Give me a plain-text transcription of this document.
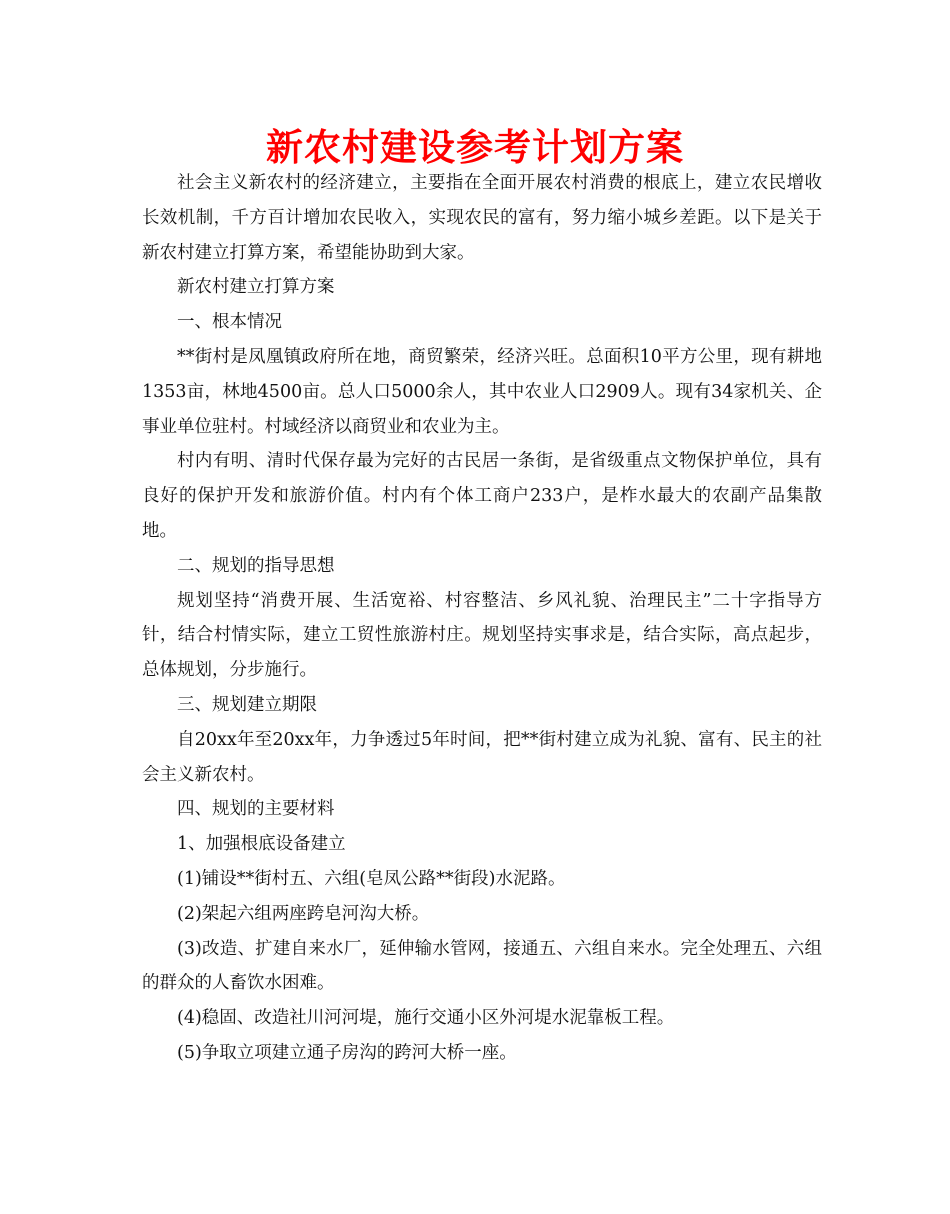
新农村建设参考计划方案

社会主义新农村的经济建立，主要指在全面开展农村消费的根底上，建立农民增收长效机制，千方百计增加农民收入，实现农民的富有，努力缩小城乡差距。以下是关于新农村建立打算方案，希望能协助到大家。

新农村建立打算方案

一、根本情况

**街村是凤凰镇政府所在地，商贸繁荣，经济兴旺。总面积10平方公里，现有耕地1353亩，林地4500亩。总人口5000余人，其中农业人口2909人。现有34家机关、企事业单位驻村。村域经济以商贸业和农业为主。

村内有明、清时代保存最为完好的古民居一条街，是省级重点文物保护单位，具有良好的保护开发和旅游价值。村内有个体工商户233户，是柞水最大的农副产品集散地。

二、规划的指导思想

规划坚持“消费开展、生活宽裕、村容整洁、乡风礼貌、治理民主”二十字指导方针，结合村情实际，建立工贸性旅游村庄。规划坚持实事求是，结合实际，高点起步，总体规划，分步施行。

三、规划建立期限

自20xx年至20xx年，力争透过5年时间，把**街村建立成为礼貌、富有、民主的社会主义新农村。

四、规划的主要材料

1、加强根底设备建立

(1)铺设**街村五、六组(皂凤公路**街段)水泥路。

(2)架起六组两座跨皂河沟大桥。

(3)改造、扩建自来水厂，延伸输水管网，接通五、六组自来水。完全处理五、六组的群众的人畜饮水困难。

(4)稳固、改造社川河河堤，施行交通小区外河堤水泥靠板工程。

(5)争取立项建立通子房沟的跨河大桥一座。
